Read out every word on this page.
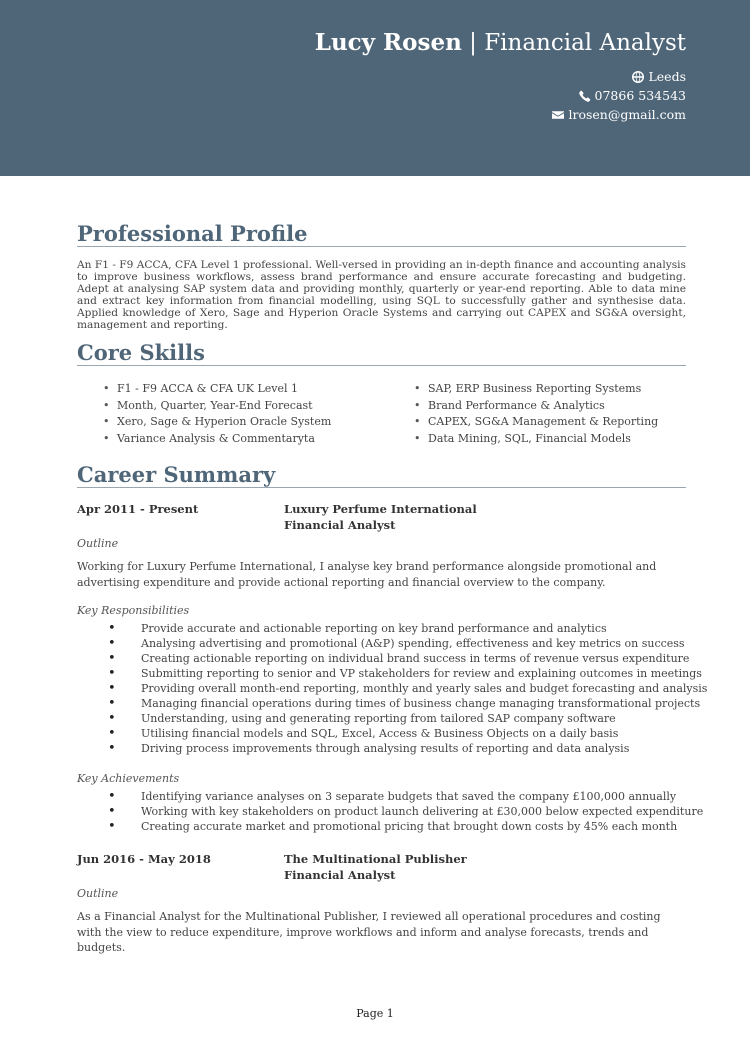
Lucy Rosen | Financial Analyst
Leeds
07866 534543
lrosen@gmail.com
Professional Profile
An F1 - F9 ACCA, CFA Level 1 professional. Well-versed in providing an in-depth finance and accounting analysis to improve business workflows, assess brand performance and ensure accurate forecasting and budgeting. Adept at analysing SAP system data and providing monthly, quarterly or year-end reporting. Able to data mine and extract key information from financial modelling, using SQL to successfully gather and synthesise data. Applied knowledge of Xero, Sage and Hyperion Oracle Systems and carrying out CAPEX and SG&A oversight, management and reporting.
Core Skills
• F1 - F9 ACCA & CFA UK Level 1
• Month, Quarter, Year-End Forecast
• Xero, Sage & Hyperion Oracle System
• Variance Analysis & Commentaryta
• SAP, ERP Business Reporting Systems
• Brand Performance & Analytics
• CAPEX, SG&A Management & Reporting
• Data Mining, SQL, Financial Models
Career Summary
Apr 2011 - Present	Luxury Perfume International
Financial Analyst
Outline
Working for Luxury Perfume International, I analyse key brand performance alongside promotional and advertising expenditure and provide actional reporting and financial overview to the company.
Key Responsibilities
• Provide accurate and actionable reporting on key brand performance and analytics
• Analysing advertising and promotional (A&P) spending, effectiveness and key metrics on success
• Creating actionable reporting on individual brand success in terms of revenue versus expenditure
• Submitting reporting to senior and VP stakeholders for review and explaining outcomes in meetings
• Providing overall month-end reporting, monthly and yearly sales and budget forecasting and analysis
• Managing financial operations during times of business change managing transformational projects
• Understanding, using and generating reporting from tailored SAP company software
• Utilising financial models and SQL, Excel, Access & Business Objects on a daily basis
• Driving process improvements through analysing results of reporting and data analysis
Key Achievements
• Identifying variance analyses on 3 separate budgets that saved the company £100,000 annually
• Working with key stakeholders on product launch delivering at £30,000 below expected expenditure
• Creating accurate market and promotional pricing that brought down costs by 45% each month
Jun 2016 - May 2018	The Multinational Publisher
Financial Analyst
Outline
As a Financial Analyst for the Multinational Publisher, I reviewed all operational procedures and costing with the view to reduce expenditure, improve workflows and inform and analyse forecasts, trends and budgets.
Page 1
